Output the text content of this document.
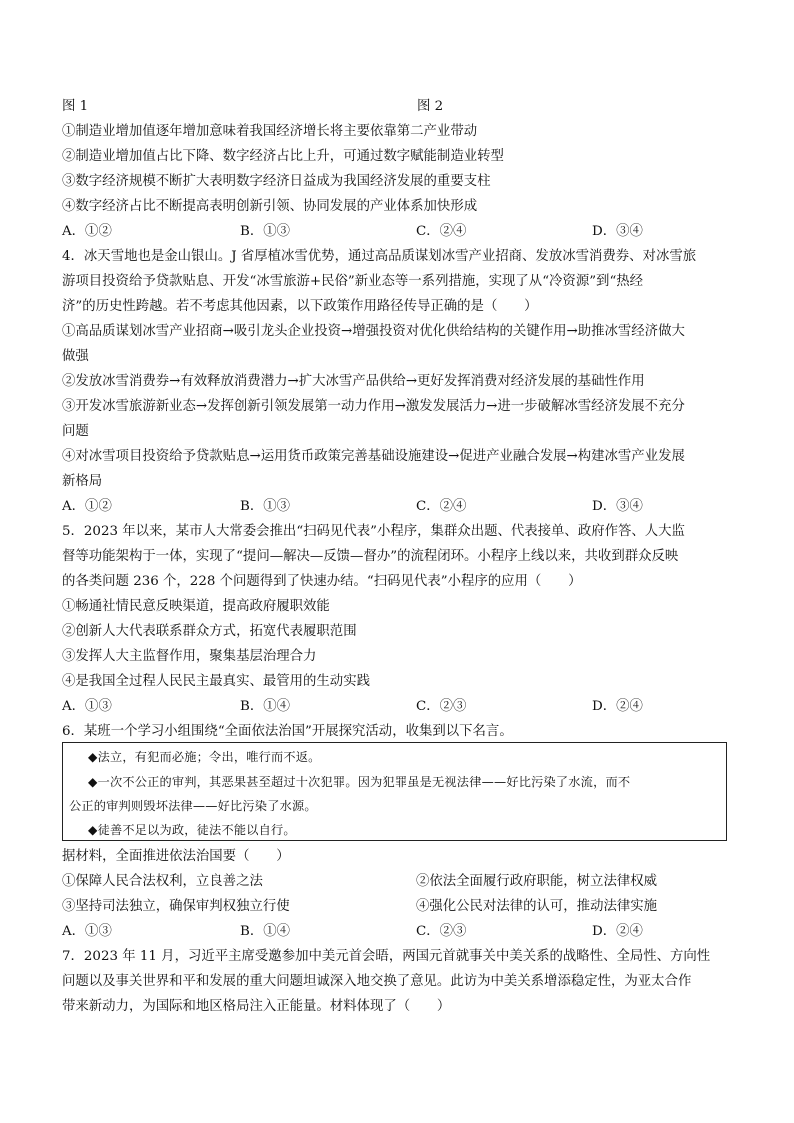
图 1	图 2
①制造业增加值逐年增加意味着我国经济增长将主要依靠第二产业带动
②制造业增加值占比下降、数字经济占比上升，可通过数字赋能制造业转型
③数字经济规模不断扩大表明数字经济日益成为我国经济发展的重要支柱
④数字经济占比不断提高表明创新引领、协同发展的产业体系加快形成
A．①②	B．①③	C．②④	D．③④
4．冰天雪地也是金山银山。J 省厚植冰雪优势，通过高品质谋划冰雪产业招商、发放冰雪消费券、对冰雪旅
游项目投资给予贷款贴息、开发“冰雪旅游+民俗”新业态等一系列措施，实现了从“冷资源”到“热经
济”的历史性跨越。若不考虑其他因素，以下政策作用路径传导正确的是（　　）
①高品质谋划冰雪产业招商→吸引龙头企业投资→增强投资对优化供给结构的关键作用→助推冰雪经济做大
做强
②发放冰雪消费券→有效释放消费潜力→扩大冰雪产品供给→更好发挥消费对经济发展的基础性作用
③开发冰雪旅游新业态→发挥创新引领发展第一动力作用→激发发展活力→进一步破解冰雪经济发展不充分
问题
④对冰雪项目投资给予贷款贴息→运用货币政策完善基础设施建设→促进产业融合发展→构建冰雪产业发展
新格局
A．①②	B．①③	C．②④	D．③④
5．2023 年以来，某市人大常委会推出“扫码见代表”小程序，集群众出题、代表接单、政府作答、人大监
督等功能架构于一体，实现了“提问—解决—反馈—督办”的流程闭环。小程序上线以来，共收到群众反映
的各类问题 236 个，228 个问题得到了快速办结。“扫码见代表”小程序的应用（　　）
①畅通社情民意反映渠道，提高政府履职效能
②创新人大代表联系群众方式，拓宽代表履职范围
③发挥人大主监督作用，聚集基层治理合力
④是我国全过程人民民主最真实、最管用的生动实践
A．①③	B．①④	C．②③	D．②④
6．某班一个学习小组围绕“全面依法治国”开展探究活动，收集到以下名言。
◆法立，有犯而必施；令出，唯行而不返。
◆一次不公正的审判，其恶果甚至超过十次犯罪。因为犯罪虽是无视法律——好比污染了水流，而不
公正的审判则毁坏法律——好比污染了水源。
◆徒善不足以为政，徒法不能以自行。
据材料，全面推进依法治国要（　　）
①保障人民合法权利，立良善之法	②依法全面履行政府职能，树立法律权威
③坚持司法独立，确保审判权独立行使	④强化公民对法律的认可，推动法律实施
A．①③	B．①④	C．②③	D．②④
7．2023 年 11 月，习近平主席受邀参加中美元首会晤，两国元首就事关中美关系的战略性、全局性、方向性
问题以及事关世界和平和发展的重大问题坦诚深入地交换了意见。此访为中美关系增添稳定性，为亚太合作
带来新动力，为国际和地区格局注入正能量。材料体现了（　　）
